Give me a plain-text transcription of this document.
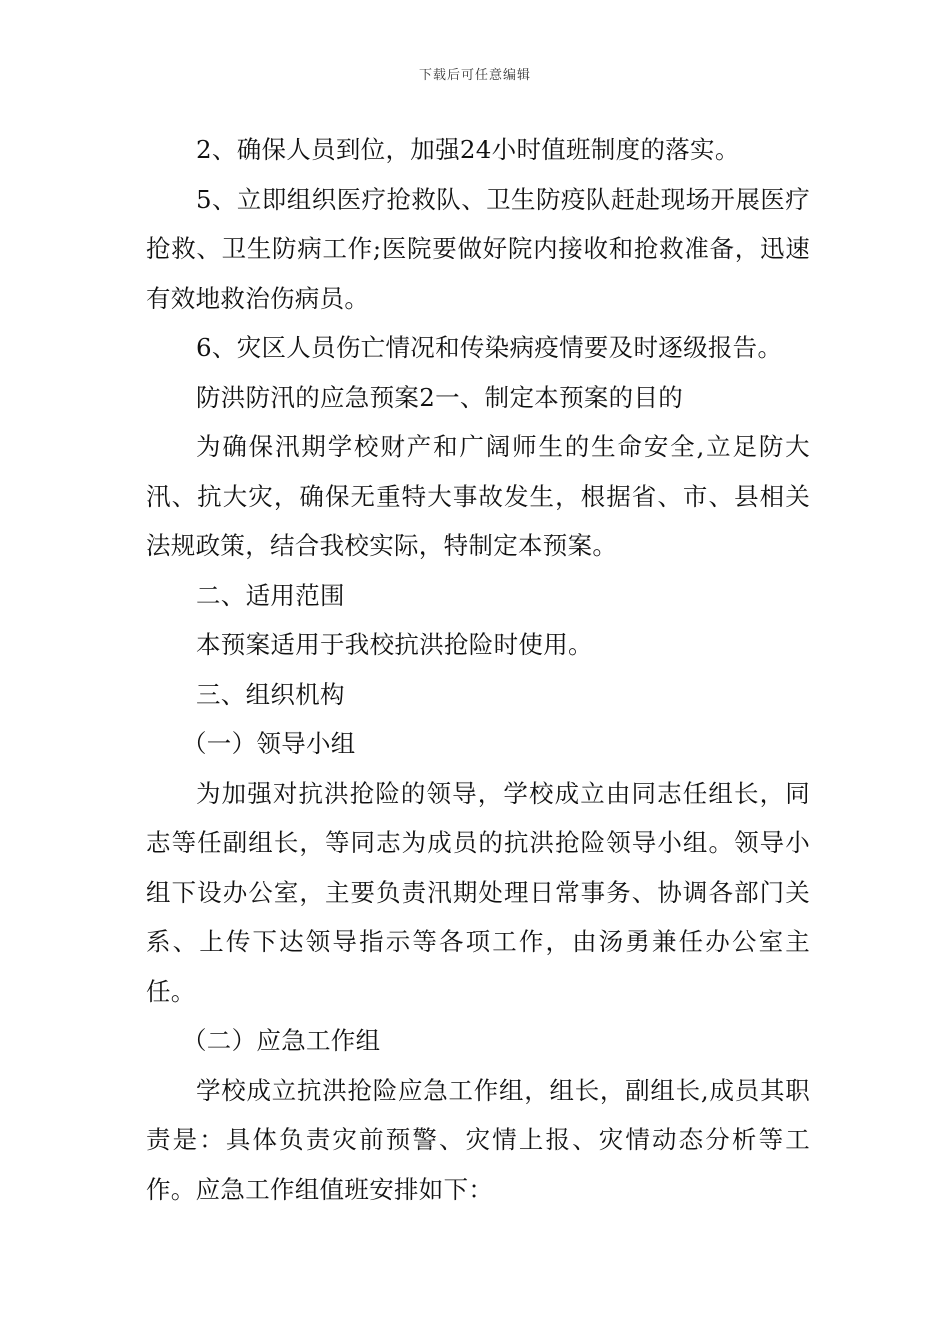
下载后可任意编辑

2、确保人员到位，加强24小时值班制度的落实。

5、立即组织医疗抢救队、卫生防疫队赶赴现场开展医疗抢救、卫生防病工作;医院要做好院内接收和抢救准备，迅速有效地救治伤病员。

6、灾区人员伤亡情况和传染病疫情要及时逐级报告。

防洪防汛的应急预案2一、制定本预案的目的

为确保汛期学校财产和广阔师生的生命安全,立足防大汛、抗大灾，确保无重特大事故发生，根据省、市、县相关法规政策，结合我校实际，特制定本预案。

二、适用范围

本预案适用于我校抗洪抢险时使用。

三、组织机构

（一）领导小组

为加强对抗洪抢险的领导，学校成立由同志任组长，同志等任副组长，等同志为成员的抗洪抢险领导小组。领导小组下设办公室，主要负责汛期处理日常事务、协调各部门关系、上传下达领导指示等各项工作，由汤勇兼任办公室主任。

（二）应急工作组

学校成立抗洪抢险应急工作组，组长，副组长,成员其职责是：具体负责灾前预警、灾情上报、灾情动态分析等工作。应急工作组值班安排如下：
